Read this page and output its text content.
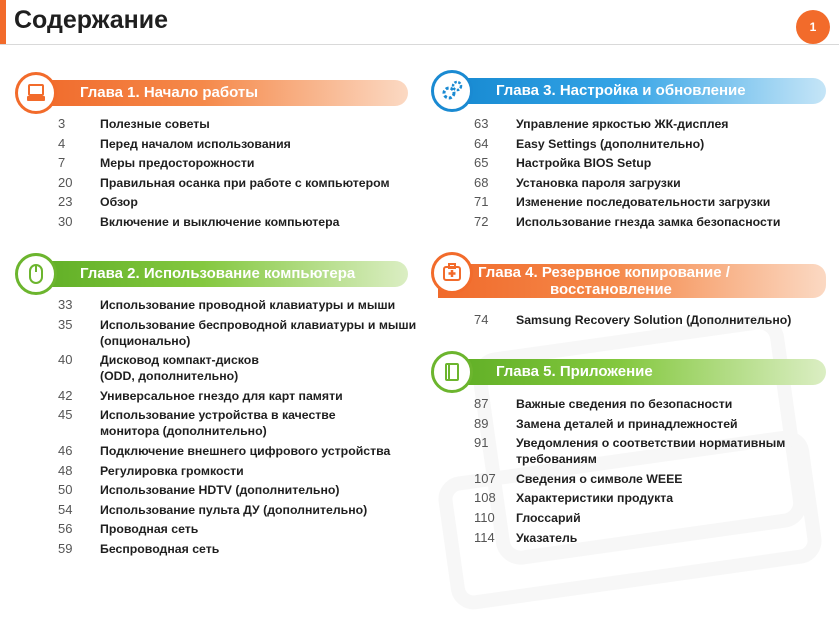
Содержание	1
Глава 1. Начало работы
3	Полезные советы
4	Перед началом использования
7	Меры предосторожности
20 Правильная осанка при работе с компьютером
23 Обзор
30 Включение и выключение компьютера
Глава 2. Использование компьютера
33 Использование проводной клавиатуры и мыши
35 Использование беспроводной клавиатуры и мыши (опционально)
40 Дисковод компакт-дисков (ODD, дополнительно)
42 Универсальное гнездо для карт памяти
45 Использование устройства в качестве монитора (дополнительно)
46 Подключение внешнего цифрового устройства
48 Регулировка громкости
50 Использование HDTV (дополнительно)
54 Использование пульта ДУ (дополнительно)
56 Проводная сеть
59 Беспроводная сеть
Глава 3. Настройка и обновление
63 Управление яркостью ЖК-дисплея
64 Easy Settings (дополнительно)
65 Настройка BIOS Setup
68 Установка пароля загрузки
71 Изменение последовательности загрузки
72 Использование гнезда замка безопасности
Глава 4. Резервное копирование /
восстановление
74 Samsung Recovery Solution (Дополнительно)
Глава 5. Приложение
87 Важные сведения по безопасности
89 Замена деталей и принадлежностей
91 Уведомления о соответствии нормативным требованиям
107 Сведения о символе WEEE
108 Характеристики продукта
110 Глоссарий
114 Указатель
